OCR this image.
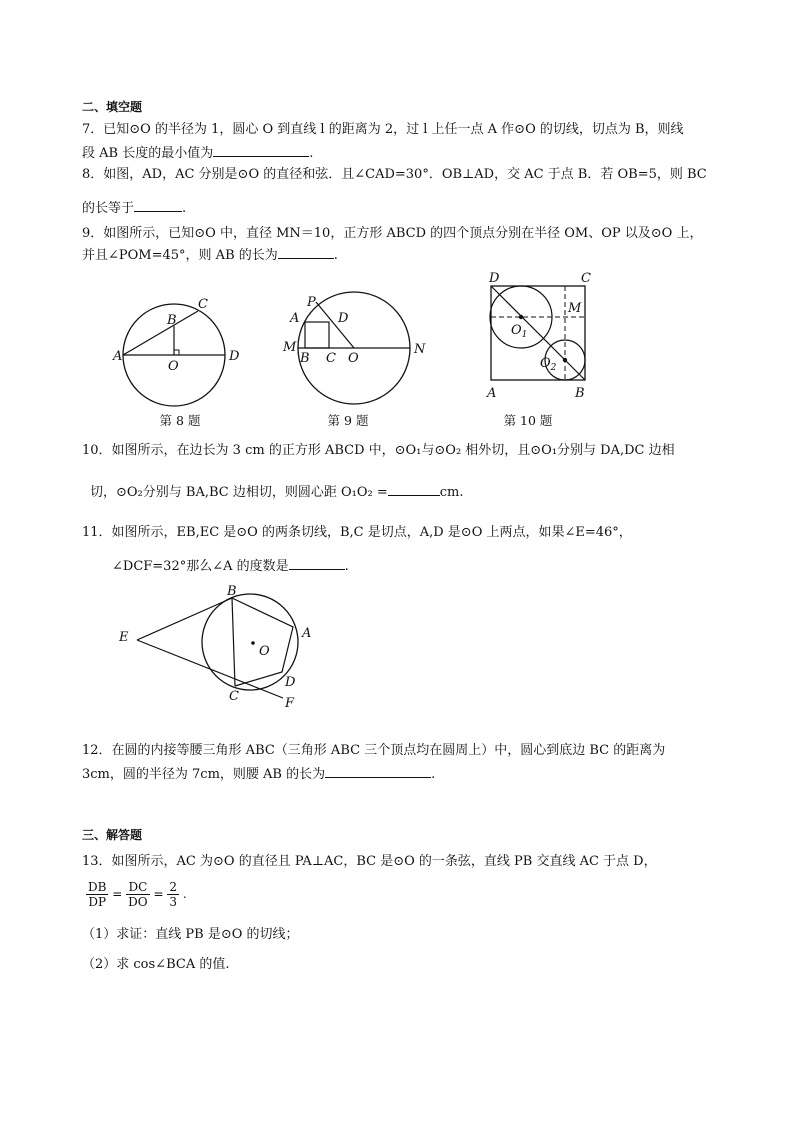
二、填空题
7．已知⊙O 的半径为 1，圆心 O 到直线 l 的距离为 2，过 l 上任一点 A 作⊙O 的切线，切点为 B，则线
段 AB 长度的最小值为	.
8．如图，AD，AC 分别是⊙O 的直径和弦．且∠CAD=30°．OB⊥AD，交 AC 于点 B．若 OB=5，则 BC
的长等于	.
9．如图所示，已知⊙O 中，直径 MN＝10，正方形 ABCD 的四个顶点分别在半径 OM、OP 以及⊙O 上，
并且∠POM=45°，则 AB 的长为	.
A
B
C
D
O
第 8 题
P
A	D
M
B C O
N
第 9 题
D	C
M
$O_1$
$O_2$
A	B
第 10 题
10．如图所示，在边长为 3 cm 的正方形 ABCD 中，⊙O₁与⊙O₂ 相外切，且⊙O₁分别与 DA,DC 边相
切，⊙O₂分别与 BA,BC 边相切，则圆心距 O₁O₂ =	cm.
11．如图所示，EB,EC 是⊙O 的两条切线，B,C 是切点，A,D 是⊙O 上两点，如果∠E=46°，
∠DCF=32°那么∠A 的度数是	.
B
A
E
O
D
C	F
12．在圆的内接等腰三角形 ABC（三角形 ABC 三个顶点均在圆周上）中，圆心到底边 BC 的距离为
3cm，圆的半径为 7cm，则腰 AB 的长为	.
三、解答题
13．如图所示，AC 为⊙O 的直径且 PA⊥AC，BC 是⊙O 的一条弦，直线 PB 交直线 AC 于点 D，
$\frac{DB}{DP} = \frac{DC}{DO} = \frac{2}{3}$ .
（1）求证：直线 PB 是⊙O 的切线；
（2）求 cos∠BCA 的值.
